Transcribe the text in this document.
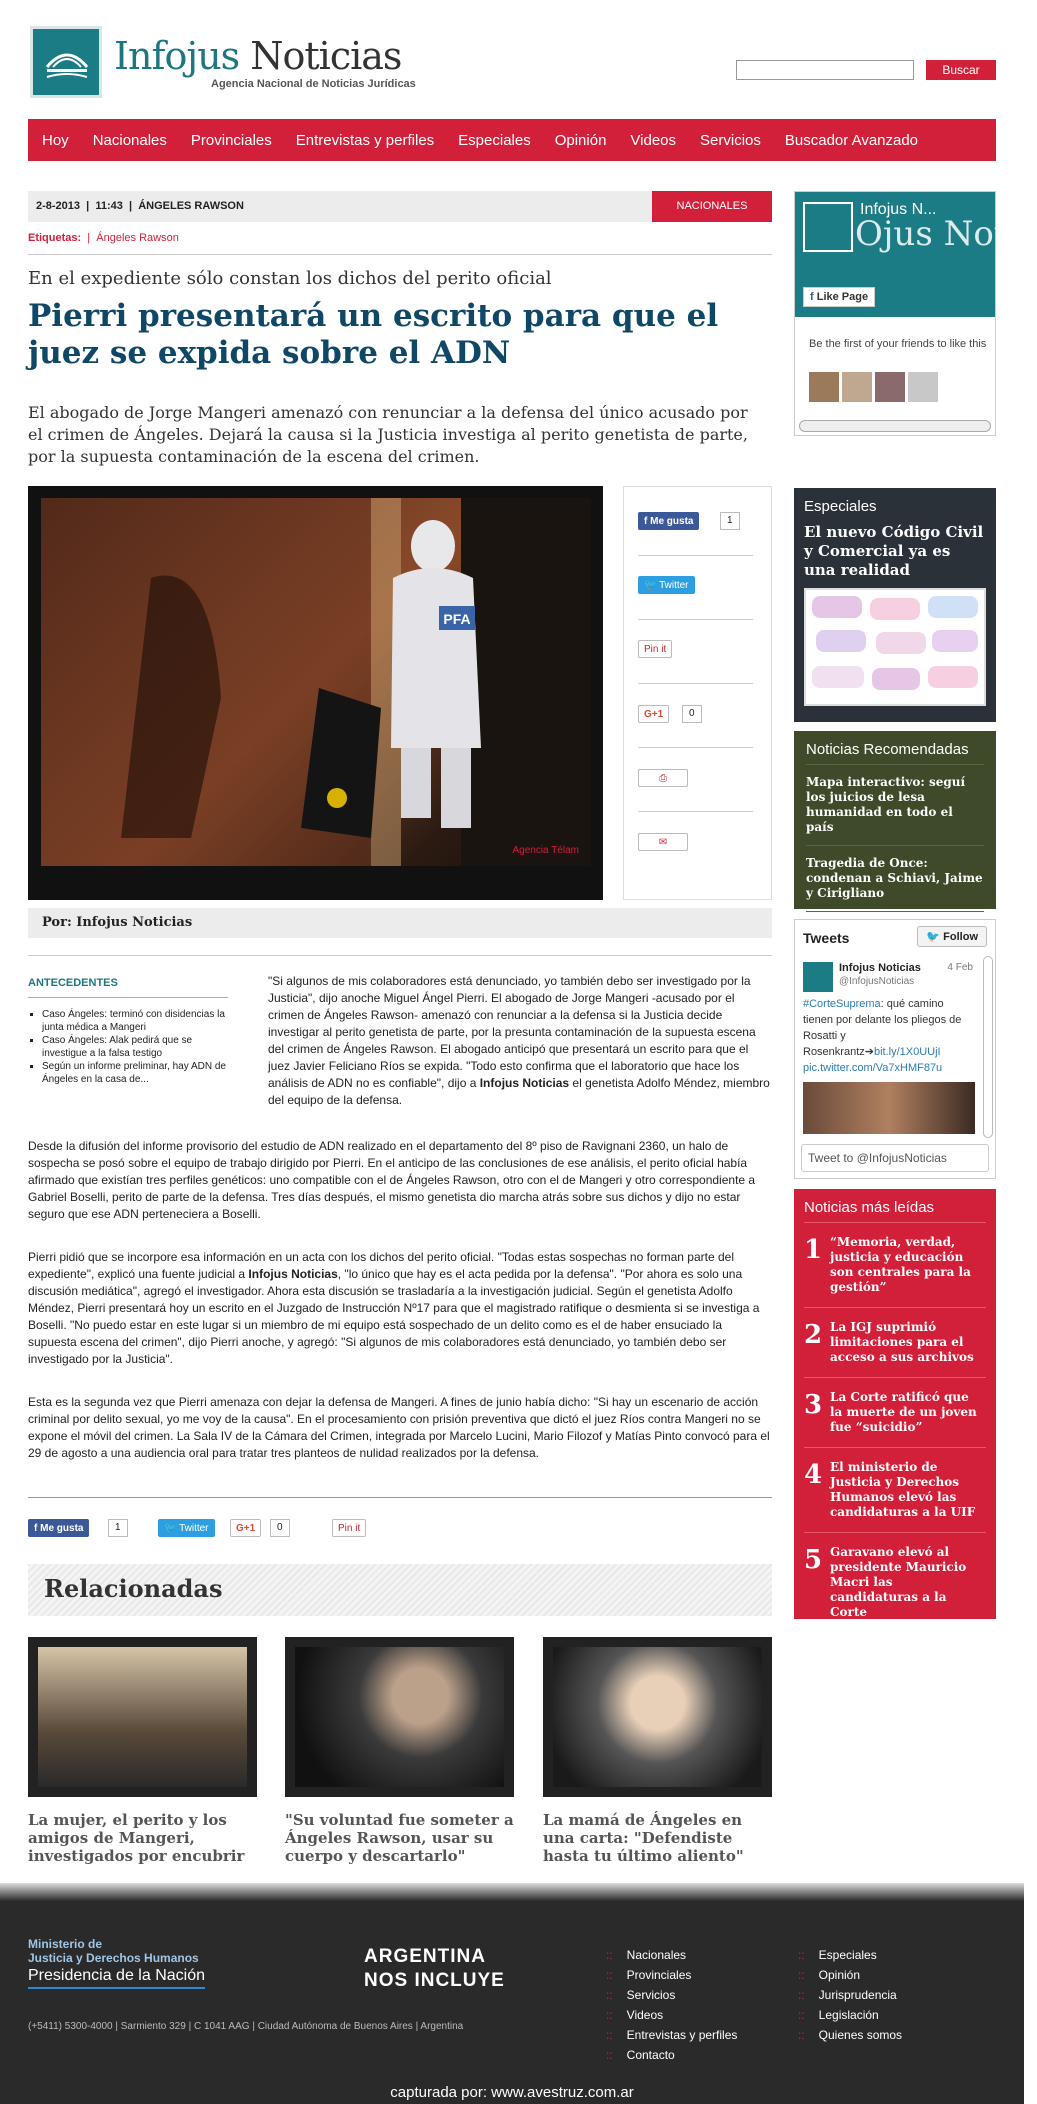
Infojus Noticias
Agencia Nacional de Noticias Jurídicas
Buscar
Hoy Nacionales Provinciales Entrevistas y perfiles Especiales Opinión Videos Servicios Buscador Avanzado
2-8-2013  |  11:43  |  ÁNGELES RAWSON	NACIONALES
Etiquetas:  |  Ángeles Rawson
En el expediente sólo constan los dichos del perito oficial
Pierri presentará un escrito para que el juez se expida sobre el ADN

El abogado de Jorge Mangeri amenazó con renunciar a la defensa del único acusado por el crimen de Ángeles. Dejará la causa si la Justicia investiga al perito genetista de parte, por la supuesta contaminación de la escena del crimen.

PFA
Agencia Télam
f Me gusta	1
🐦 Twitter
Pin it
G+1	0
⎙
✉
Por: Infojus Noticias
ANTECEDENTES
▪ Caso Ángeles: terminó con disidencias la junta médica a Mangeri
▪ Caso Ángeles: Alak pedirá que se investigue a la falsa testigo
▪ Según un informe preliminar, hay ADN de Ángeles en la casa de...

"Si algunos de mis colaboradores está denunciado, yo también debo ser investigado por la Justicia", dijo anoche Miguel Ángel Pierri. El abogado de Jorge Mangeri -acusado por el crimen de Ángeles Rawson- amenazó con renunciar a la defensa si la Justicia decide investigar al perito genetista de parte, por la presunta contaminación de la supuesta escena del crimen de Ángeles Rawson. El abogado anticipó que presentará un escrito para que el juez Javier Feliciano Ríos se expida. "Todo esto confirma que el laboratorio que hace los análisis de ADN no es confiable", dijo a Infojus Noticias el genetista Adolfo Méndez, miembro del equipo de la defensa.

Desde la difusión del informe provisorio del estudio de ADN realizado en el departamento del 8º piso de Ravignani 2360, un halo de sospecha se posó sobre el equipo de trabajo dirigido por Pierri. En el anticipo de las conclusiones de ese análisis, el perito oficial había afirmado que existían tres perfiles genéticos: uno compatible con el de Ángeles Rawson, otro con el de Mangeri y otro correspondiente a Gabriel Boselli, perito de parte de la defensa. Tres días después, el mismo genetista dio marcha atrás sobre sus dichos y dijo no estar seguro que ese ADN perteneciera a Boselli.

Pierri pidió que se incorpore esa información en un acta con los dichos del perito oficial. "Todas estas sospechas no forman parte del expediente", explicó una fuente judicial a Infojus Noticias, "lo único que hay es el acta pedida por la defensa". "Por ahora es solo una discusión mediática", agregó el investigador. Ahora esta discusión se trasladaría a la investigación judicial. Según el genetista Adolfo Méndez, Pierri presentará hoy un escrito en el Juzgado de Instrucción Nº17 para que el magistrado ratifique o desmienta si se investiga a Boselli. "No puedo estar en este lugar si un miembro de mi equipo está sospechado de un delito como es el de haber ensuciado la supuesta escena del crimen", dijo Pierri anoche, y agregó: "Si algunos de mis colaboradores está denunciado, yo también debo ser investigado por la Justicia".

Esta es la segunda vez que Pierri amenaza con dejar la defensa de Mangeri. A fines de junio había dicho: "Si hay un escenario de acción criminal por delito sexual, yo me voy de la causa". En el procesamiento con prisión preventiva que dictó el juez Ríos contra Mangeri no se expone el móvil del crimen. La Sala IV de la Cámara del Crimen, integrada por Marcelo Lucini, Mario Filozof y Matías Pinto convocó para el 29 de agosto a una audiencia oral para tratar tres planteos de nulidad realizados por la defensa.

f Me gusta	1	🐦 Twitter	G+1	0	Pin it
Relacionadas
La mujer, el perito y los amigos de Mangeri, investigados por encubrir
"Su voluntad fue someter a Ángeles Rawson, usar su cuerpo y descartarlo"
La mamá de Ángeles en una carta: "Defendiste hasta tu último aliento"
Infojus N...
Ojus Notic
f Like Page
Be the first of your friends to like this
Especiales
El nuevo Código Civil y Comercial ya es una realidad
Noticias Recomendadas
Mapa interactivo: seguí los juicios de lesa humanidad en todo el país
Tragedia de Once: condenan a Schiavi, Jaime y Cirigliano
Tweets	🐦 Follow
Infojus Noticias
@InfojusNoticias
4 Feb
#CorteSuprema: qué camino tienen por delante los pliegos de Rosatti y Rosenkrantz➔bit.ly/1X0UUjI
pic.twitter.com/Va7xHMF87u
Tweet to @InfojusNoticias
Noticias más leídas
1 “Memoria, verdad, justicia y educación son centrales para la gestión”
2 La IGJ suprimió limitaciones para el acceso a sus archivos
3 La Corte ratificó que la muerte de un joven fue “suicidio”
4 El ministerio de Justicia y Derechos Humanos elevó las candidaturas a la UIF
5 Garavano elevó al presidente Mauricio Macri las candidaturas a la Corte
Ministerio de
Justicia y Derechos Humanos
Presidencia de la Nación
ARGENTINA
NOS INCLUYE
(+5411) 5300-4000 | Sarmiento 329 | C 1041 AAG | Ciudad Autónoma de Buenos Aires | Argentina
:: Nacionales
:: Provinciales
:: Servicios
:: Videos
:: Entrevistas y perfiles
:: Contacto
:: Especiales
:: Opinión
:: Jurisprudencia
:: Legislación
:: Quienes somos
capturada por: www.avestruz.com.ar
